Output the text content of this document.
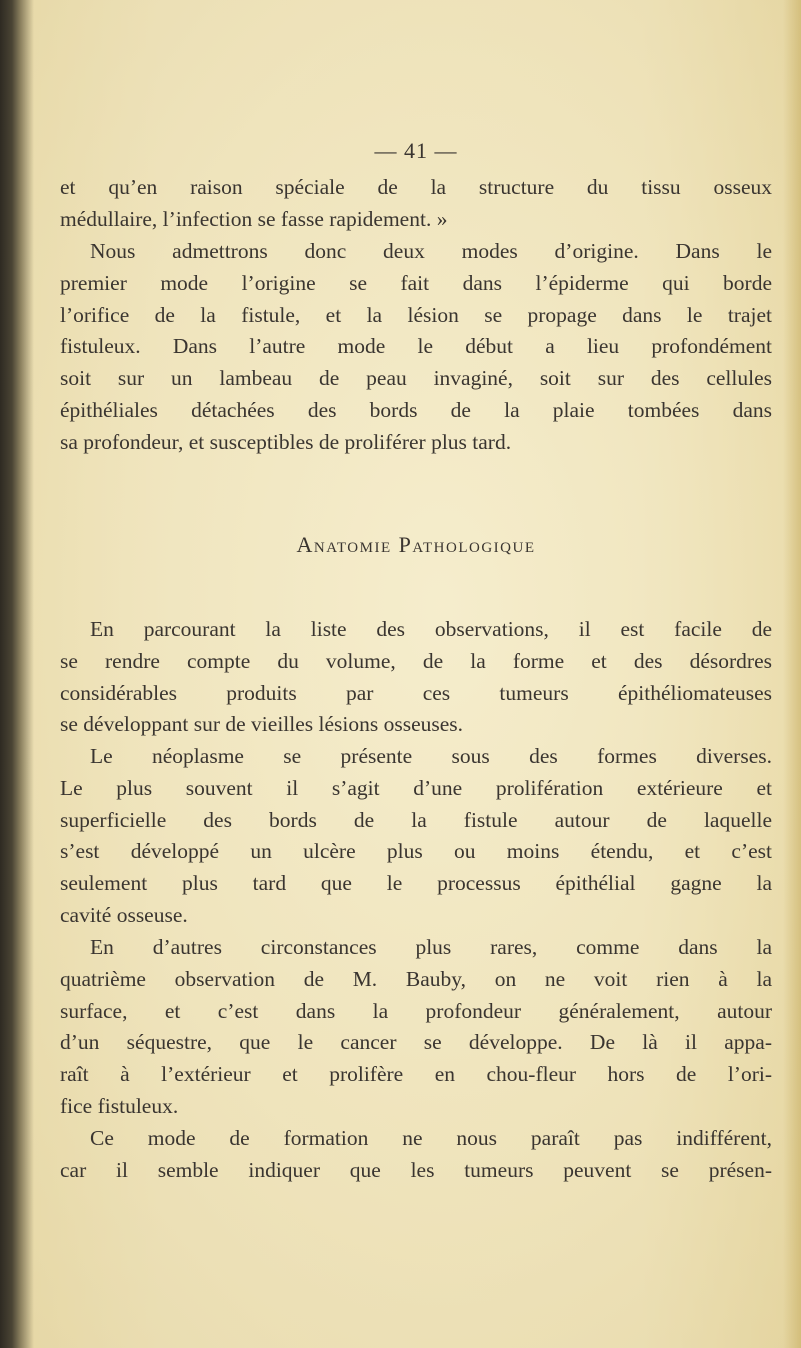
— 41 —

et qu’en raison spéciale de la structure du tissu osseux
médullaire, l’infection se fasse rapidement. »

Nous admettrons donc deux modes d’origine. Dans le
premier mode l’origine se fait dans l’épiderme qui borde
l’orifice de la fistule, et la lésion se propage dans le trajet
fistuleux. Dans l’autre mode le début a lieu profondément
soit sur un lambeau de peau invaginé, soit sur des cellules
épithéliales détachées des bords de la plaie tombées dans
sa profondeur, et susceptibles de proliférer plus tard.

Anatomie Pathologique

En parcourant la liste des observations, il est facile de
se rendre compte du volume, de la forme et des désordres
considérables produits par ces tumeurs épithéliomateuses
se développant sur de vieilles lésions osseuses.

Le néoplasme se présente sous des formes diverses.
Le plus souvent il s’agit d’une prolifération extérieure et
superficielle des bords de la fistule autour de laquelle
s’est développé un ulcère plus ou moins étendu, et c’est
seulement plus tard que le processus épithélial gagne la
cavité osseuse.

En d’autres circonstances plus rares, comme dans la
quatrième observation de M. Bauby, on ne voit rien à la
surface, et c’est dans la profondeur généralement, autour
d’un séquestre, que le cancer se développe. De là il appa-
raît à l’extérieur et prolifère en chou-fleur hors de l’ori-
fice fistuleux.

Ce mode de formation ne nous paraît pas indifférent,
car il semble indiquer que les tumeurs peuvent se présen-
